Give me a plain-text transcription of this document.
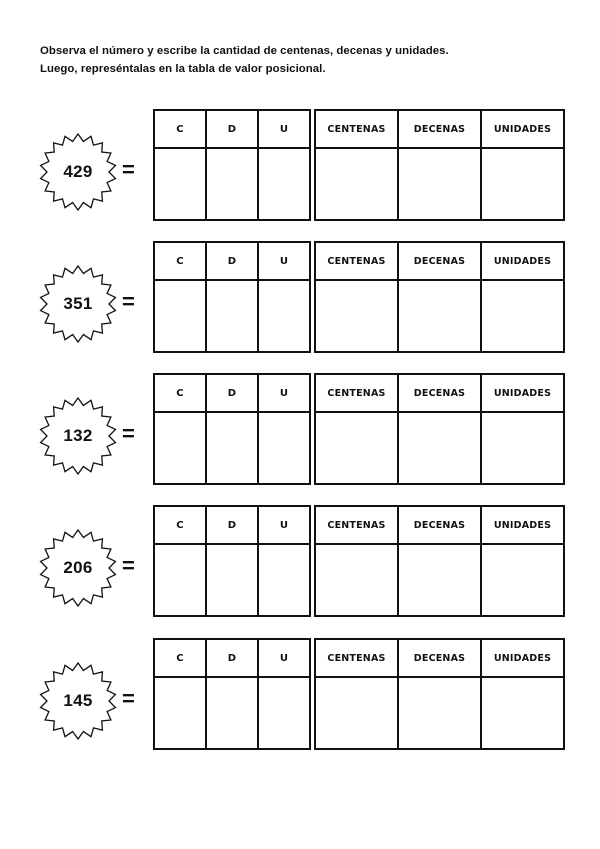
Observa el número y escribe la cantidad de centenas, decenas y unidades.
Luego, represéntalas en la tabla de valor posicional.
429	=
C	D	U
			CENTENAS	DECENAS	UNIDADES

351	=
C	D	U
			CENTENAS	DECENAS	UNIDADES

132	=
C	D	U
			CENTENAS	DECENAS	UNIDADES

206	=
C	D	U
			CENTENAS	DECENAS	UNIDADES

145	=
C	D	U
			CENTENAS	DECENAS	UNIDADES
